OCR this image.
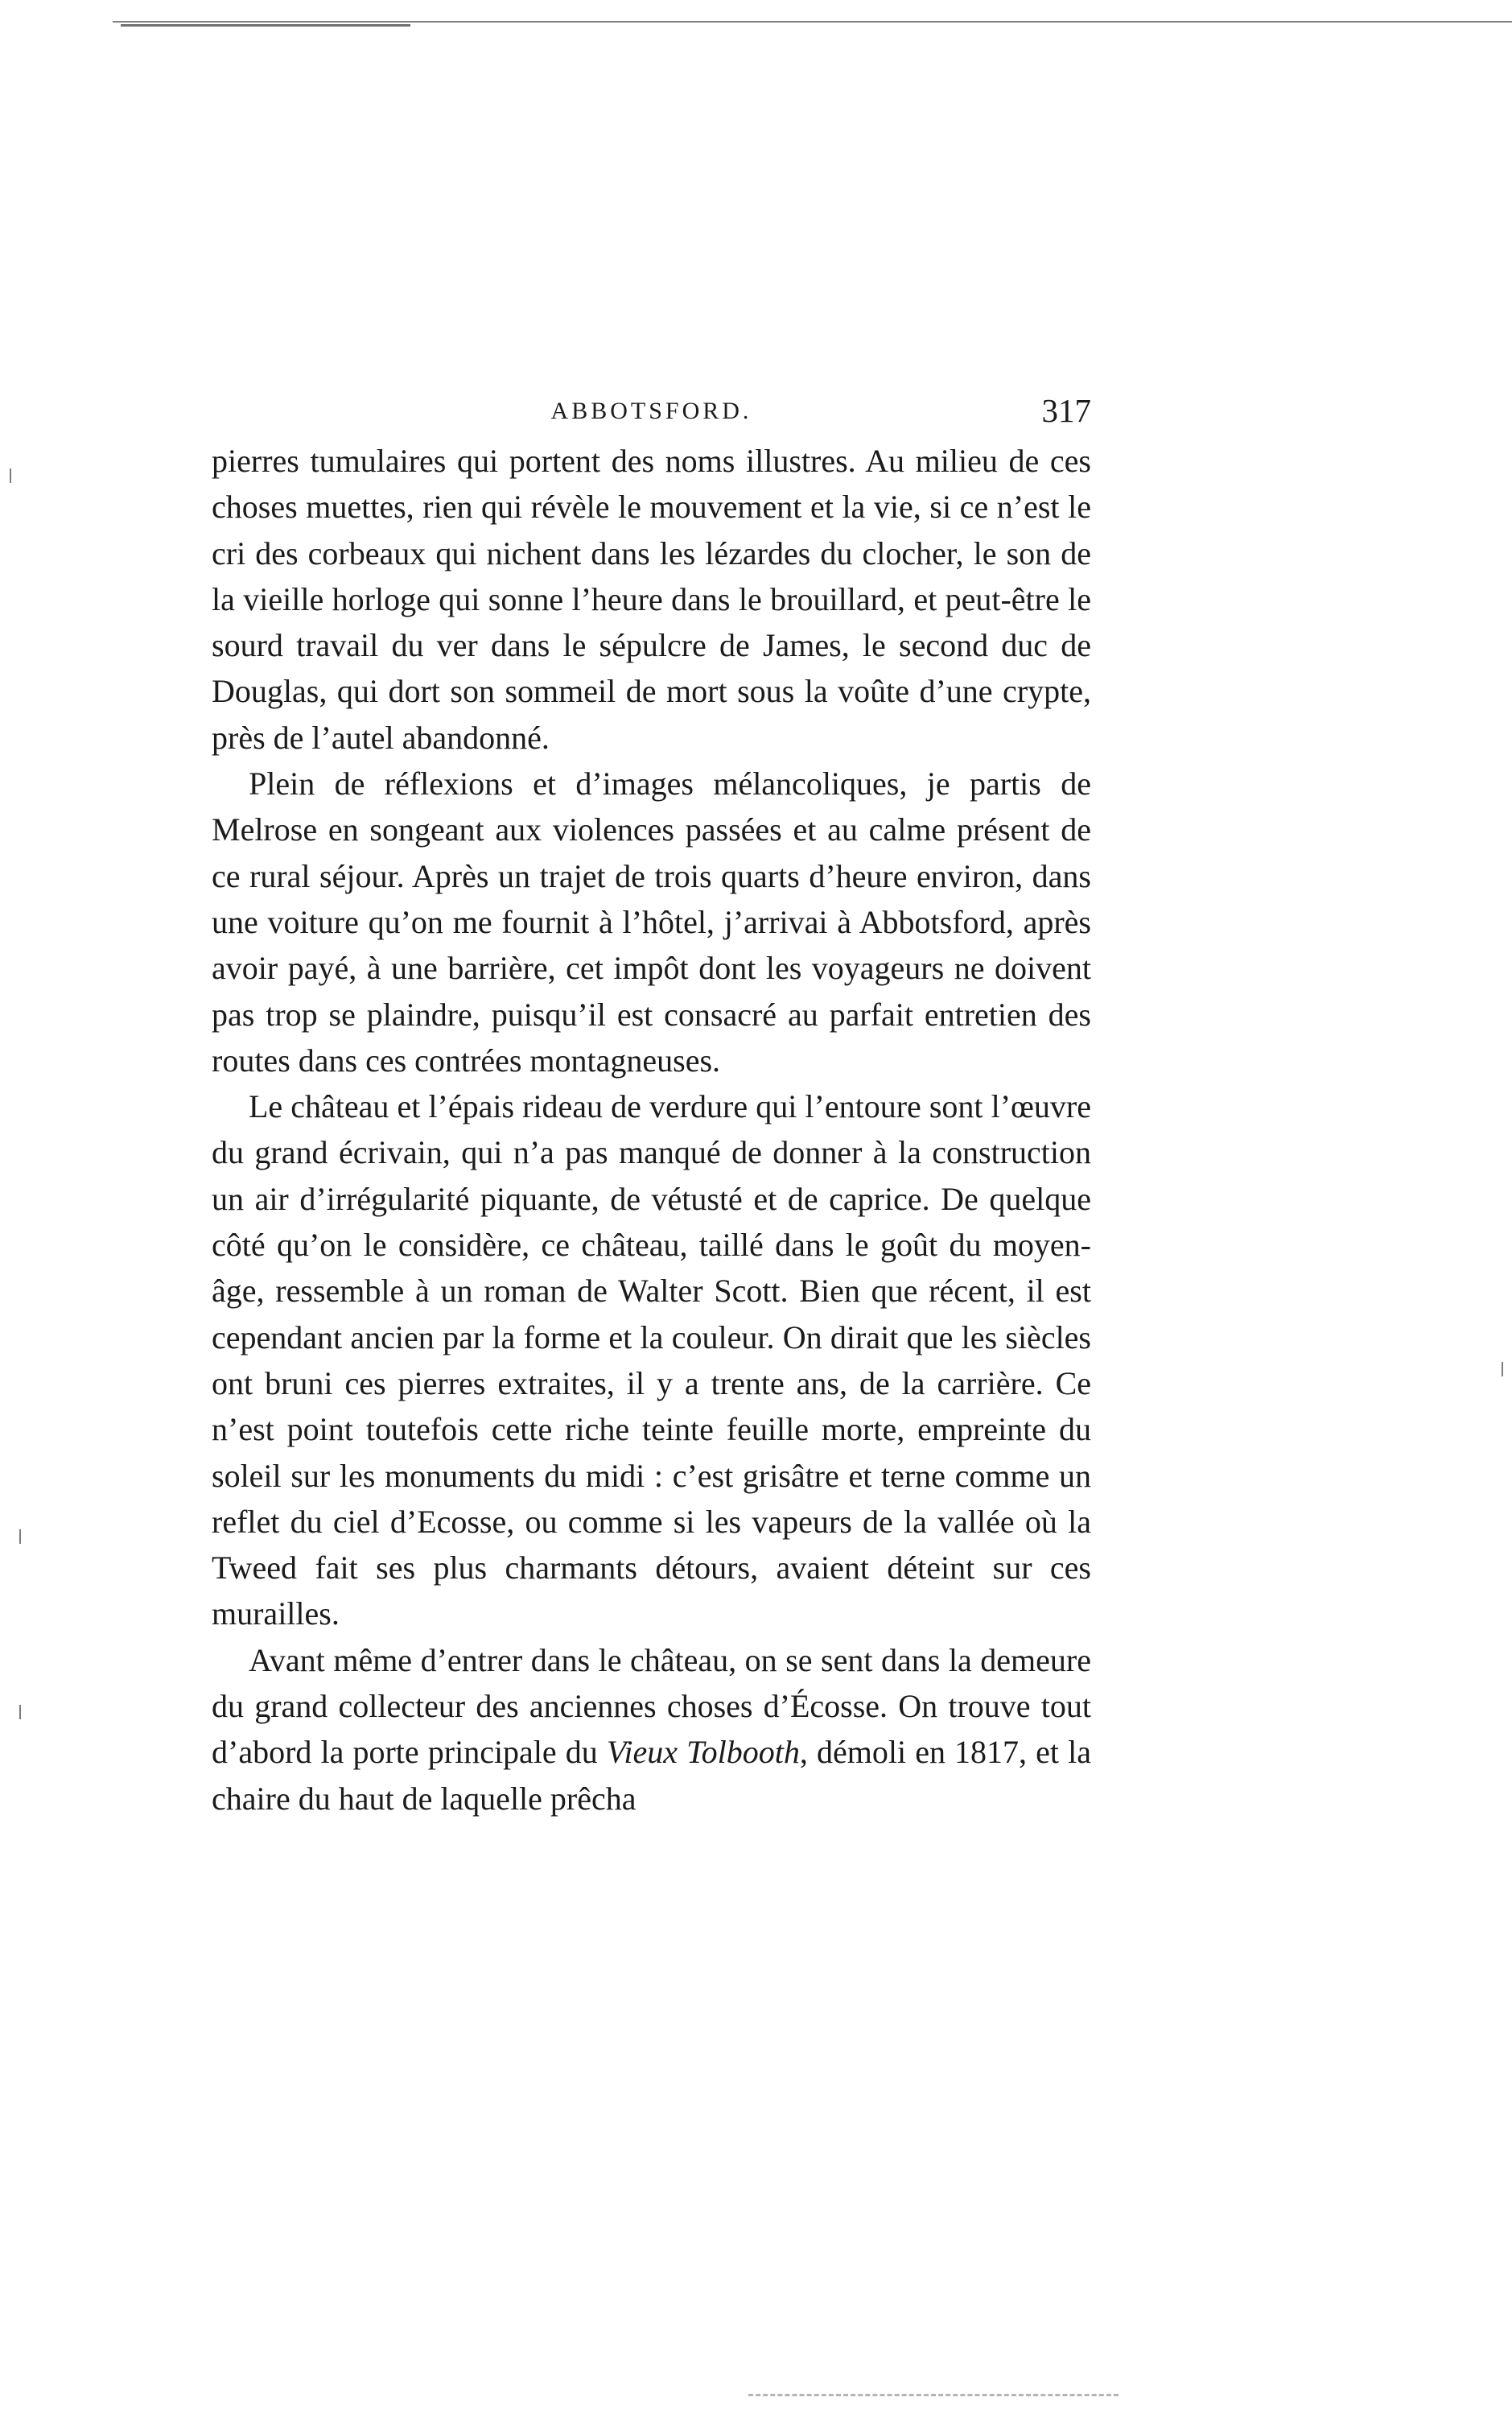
ABBOTSFORD.	317

pierres tumulaires qui portent des noms illustres. Au milieu de ces choses muettes, rien qui révèle le mouvement et la vie, si ce n’est le cri des corbeaux qui nichent dans les lézardes du clocher, le son de la vieille horloge qui sonne l’heure dans le brouillard, et peut-être le sourd travail du ver dans le sépulcre de James, le second duc de Douglas, qui dort son sommeil de mort sous la voûte d’une crypte, près de l’autel abandonné.

Plein de réflexions et d’images mélancoliques, je partis de Melrose en songeant aux violences passées et au calme présent de ce rural séjour. Après un trajet de trois quarts d’heure environ, dans une voiture qu’on me fournit à l’hôtel, j’arrivai à Abbotsford, après avoir payé, à une barrière, cet impôt dont les voyageurs ne doivent pas trop se plaindre, puisqu’il est consacré au parfait entretien des routes dans ces contrées montagneuses.

Le château et l’épais rideau de verdure qui l’entoure sont l’œuvre du grand écrivain, qui n’a pas manqué de donner à la construction un air d’irrégularité piquante, de vétusté et de caprice. De quelque côté qu’on le considère, ce château, taillé dans le goût du moyen-âge, ressemble à un roman de Walter Scott. Bien que récent, il est cependant ancien par la forme et la couleur. On dirait que les siècles ont bruni ces pierres extraites, il y a trente ans, de la carrière. Ce n’est point toutefois cette riche teinte feuille morte, empreinte du soleil sur les monuments du midi : c’est grisâtre et terne comme un reflet du ciel d’Ecosse, ou comme si les vapeurs de la vallée où la Tweed fait ses plus charmants détours, avaient déteint sur ces murailles.

Avant même d’entrer dans le château, on se sent dans la demeure du grand collecteur des anciennes choses d’Écosse. On trouve tout d’abord la porte principale du Vieux Tolbooth, démoli en 1817, et la chaire du haut de laquelle prêcha
